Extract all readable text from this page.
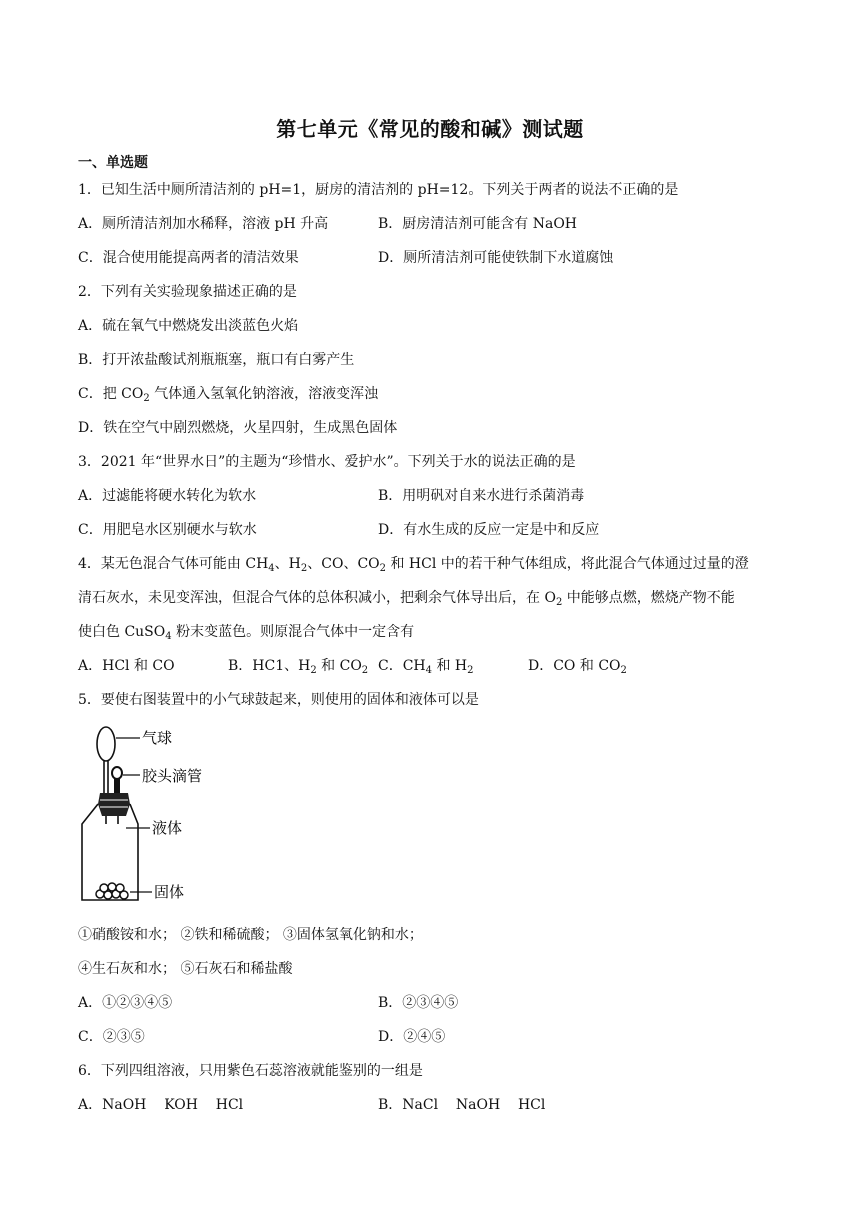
第七单元《常见的酸和碱》测试题
一、单选题
1．已知生活中厕所清洁剂的 pH=1，厨房的清洁剂的 pH=12。下列关于两者的说法不正确的是
A．厕所清洁剂加水稀释，溶液 pH 升高	B．厨房清洁剂可能含有 NaOH
C．混合使用能提高两者的清洁效果	D．厕所清洁剂可能使铁制下水道腐蚀
2．下列有关实验现象描述正确的是
A．硫在氧气中燃烧发出淡蓝色火焰
B．打开浓盐酸试剂瓶瓶塞，瓶口有白雾产生
C．把 $CO_2$ 气体通入氢氧化钠溶液，溶液变浑浊
D．铁在空气中剧烈燃烧，火星四射，生成黑色固体
3．2021 年“世界水日”的主题为“珍惜水、爱护水”。下列关于水的说法正确的是
A．过滤能将硬水转化为软水	B．用明矾对自来水进行杀菌消毒
C．用肥皂水区别硬水与软水	D．有水生成的反应一定是中和反应
4．某无色混合气体可能由 $CH_4$、$H_2$、CO、$CO_2$ 和 HCl 中的若干种气体组成，将此混合气体通过过量的澄
清石灰水，未见变浑浊，但混合气体的总体积减小，把剩余气体导出后，在 $O_2$ 中能够点燃，燃烧产物不能
使白色 CuSO$_4$ 粉末变蓝色。则原混合气体中一定含有
A．HCl 和 CO	B．HC1、$H_2$ 和 $CO_2$ C．$CH_4$ 和 $H_2$	D．CO 和 $CO_2$
5．要使右图装置中的小气球鼓起来，则使用的固体和液体可以是
气球
胶头滴管
液体
固体
①硝酸铵和水； ②铁和稀硫酸； ③固体氢氧化钠和水；
④生石灰和水； ⑤石灰石和稀盐酸
A．①②③④⑤	B．②③④⑤
C．②③⑤	D．②④⑤
6．下列四组溶液，只用紫色石蕊溶液就能鉴别的一组是
A．NaOH    KOH    HCl	B．NaCl    NaOH    HCl
